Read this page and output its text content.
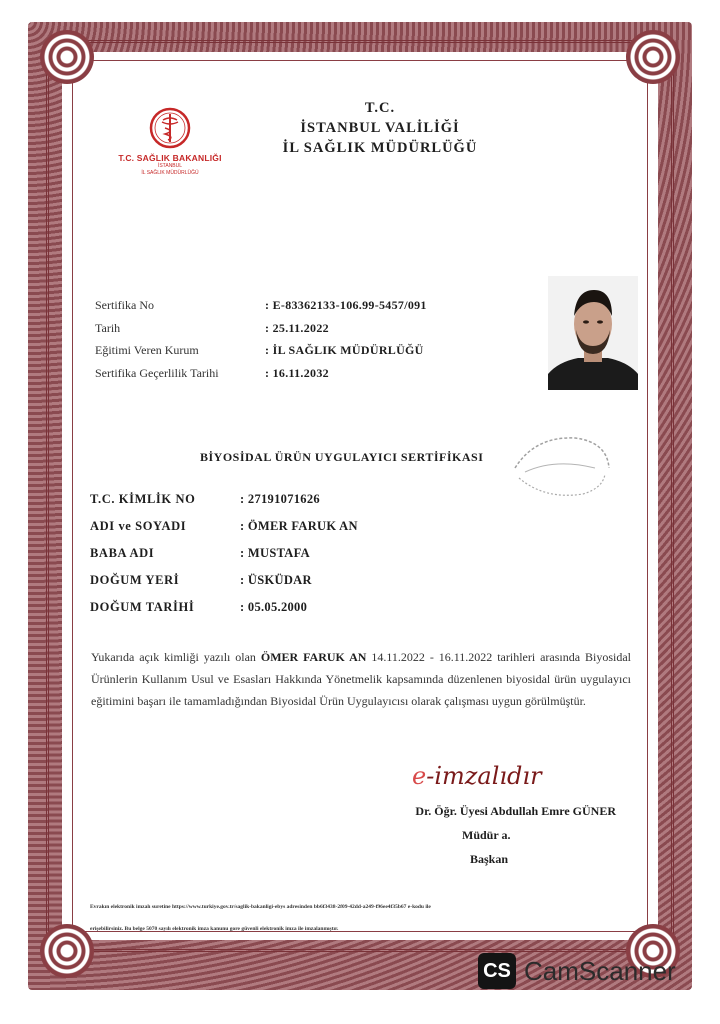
T.C. SAĞLIK BAKANLIĞI
İSTANBUL
İL SAĞLIK MÜDÜRLÜĞÜ
T.C.
İSTANBUL VALİLİĞİ
İL SAĞLIK MÜDÜRLÜĞÜ
Sertifika No	: E-83362133-106.99-5457/091
Tarih	: 25.11.2022
Eğitimi Veren Kurum	: İL SAĞLIK MÜDÜRLÜĞÜ
Sertifika Geçerlilik Tarihi	: 16.11.2032
BİYOSİDAL ÜRÜN UYGULAYICI SERTİFİKASI
T.C. KİMLİK NO	: 27191071626
ADI ve SOYADI	: ÖMER FARUK AN
BABA ADI	: MUSTAFA
DOĞUM YERİ	: ÜSKÜDAR
DOĞUM TARİHİ	: 05.05.2000
Yukarıda açık kimliği yazılı olan ÖMER FARUK AN 14.11.2022 - 16.11.2022 tarihleri arasında Biyosidal Ürünlerin Kullanım Usul ve Esasları Hakkında Yönetmelik kapsamında düzenlenen biyosidal ürün uygulayıcı eğitimini başarı ile tamamladığından Biyosidal Ürün Uygulayıcısı olarak çalışması uygun görülmüştür.
e-imzalıdır
Dr. Öğr. Üyesi Abdullah Emre GÜNER
Müdür a.
Başkan
Evrakın elektronik imzalı suretine https://www.turkiye.gov.tr/saglik-bakanligi-ebys adresinden bb6f3438-2f09-42dd-a249-f96ee4f35b67 e-kodu ile
erişebilirsiniz. Bu belge 5070 sayılı elektronik imza kanunu gore güvenli elektronik imza ile imzalanmıştır.
CS CamScanner
